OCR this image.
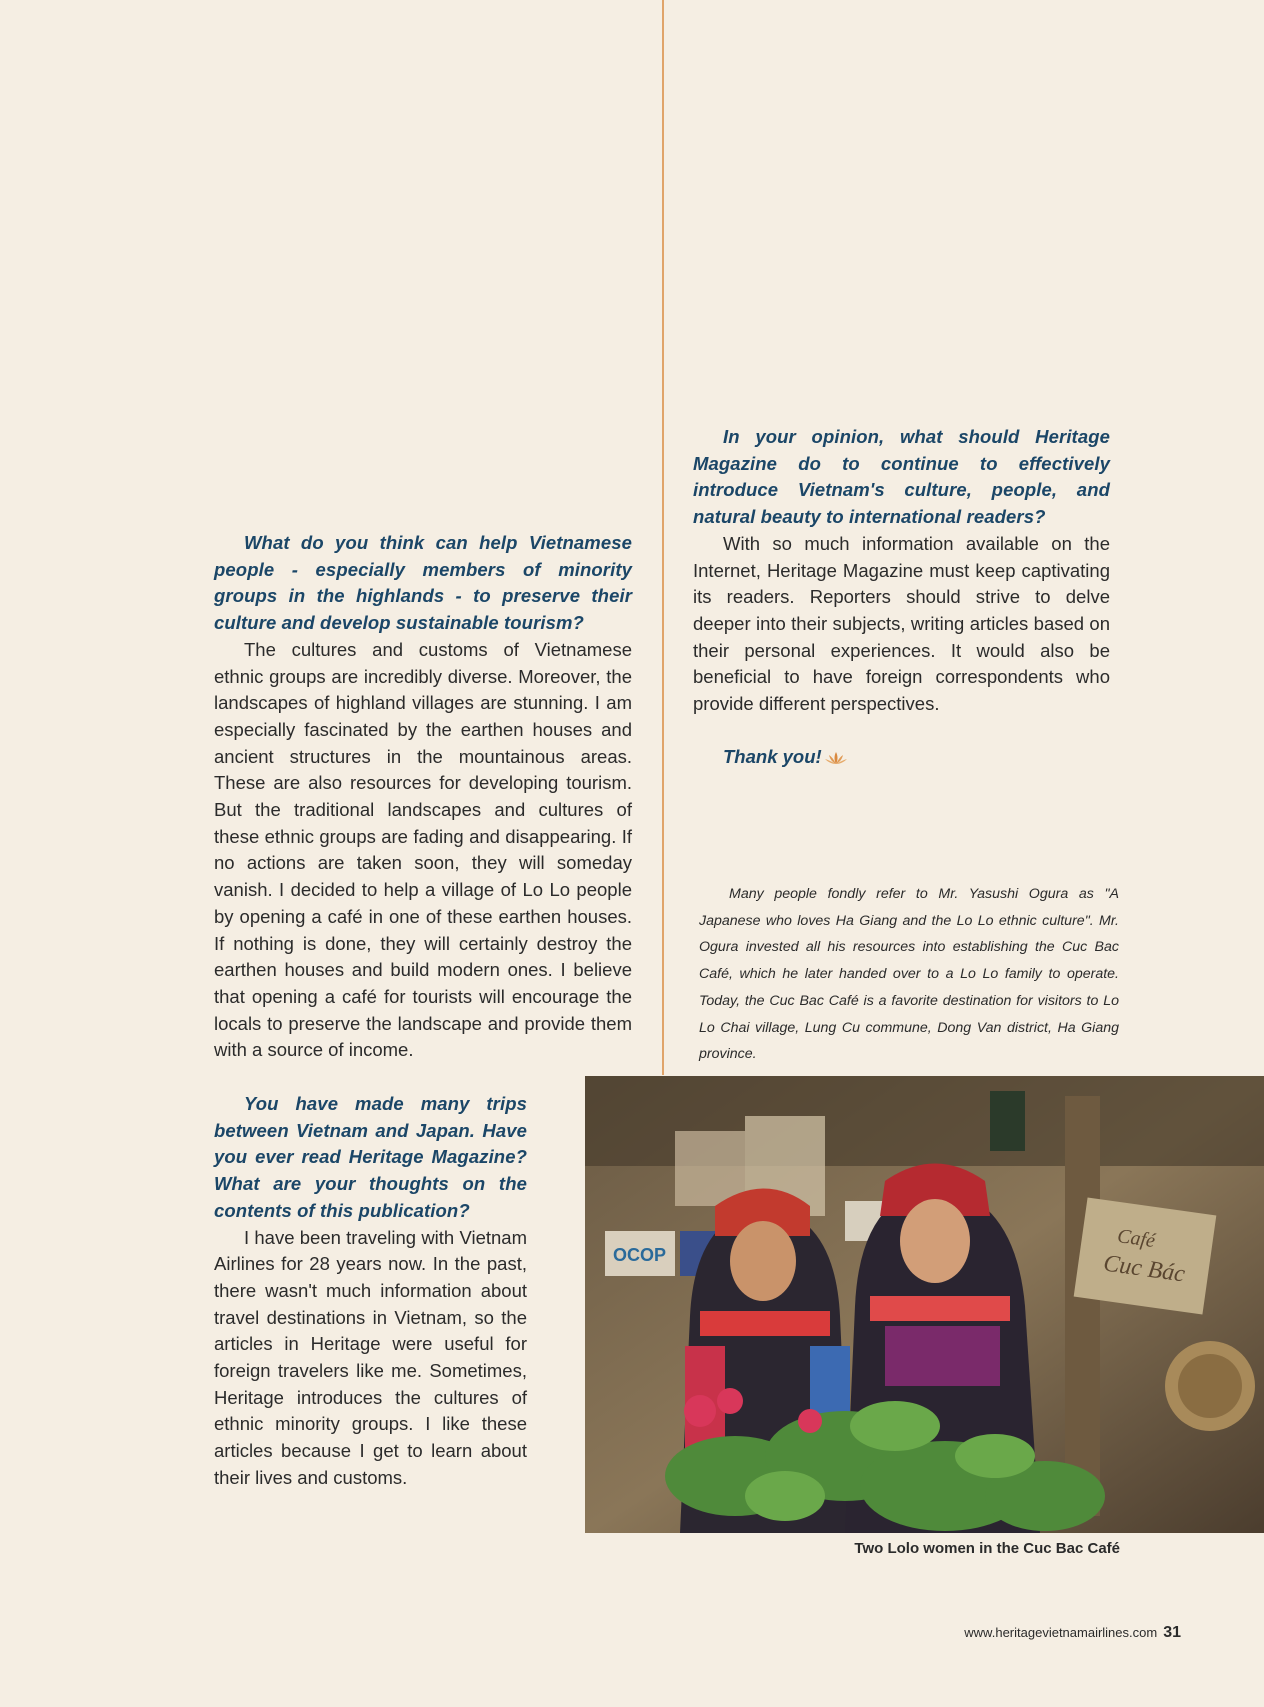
What do you think can help Vietnamese people - especially members of minority groups in the highlands - to preserve their culture and develop sustainable tourism?

The cultures and customs of Vietnamese ethnic groups are incredibly diverse. Moreover, the landscapes of highland villages are stunning. I am especially fascinated by the earthen houses and ancient structures in the mountainous areas. These are also resources for developing tourism. But the traditional landscapes and cultures of these ethnic groups are fading and disappearing. If no actions are taken soon, they will someday vanish. I decided to help a village of Lo Lo people by opening a café in one of these earthen houses. If nothing is done, they will certainly destroy the earthen houses and build modern ones. I believe that opening a café for tourists will encourage the locals to preserve the landscape and provide them with a source of income.

You have made many trips between Vietnam and Japan. Have you ever read Heritage Magazine? What are your thoughts on the contents of this publication?

I have been traveling with Vietnam Airlines for 28 years now. In the past, there wasn't much information about travel destinations in Vietnam, so the articles in Heritage were useful for foreign travelers like me. Sometimes, Heritage introduces the cultures of ethnic minority groups. I like these articles because I get to learn about their lives and customs.

In your opinion, what should Heritage Magazine do to continue to effectively introduce Vietnam's culture, people, and natural beauty to international readers?

With so much information available on the Internet, Heritage Magazine must keep captivating its readers. Reporters should strive to delve deeper into their subjects, writing articles based on their personal experiences. It would also be beneficial to have foreign correspondents who provide different perspectives.

Thank you!

Many people fondly refer to Mr. Yasushi Ogura as "A Japanese who loves Ha Giang and the Lo Lo ethnic culture". Mr. Ogura invested all his resources into establishing the Cuc Bac Café, which he later handed over to a Lo Lo family to operate. Today, the Cuc Bac Café is a favorite destination for visitors to Lo Lo Chai village, Lung Cu commune, Dong Van district, Ha Giang province.

OCOP
Café
Cuc Bác
Two Lolo women in the Cuc Bac Café
www.heritagevietnamairlines.com 31
